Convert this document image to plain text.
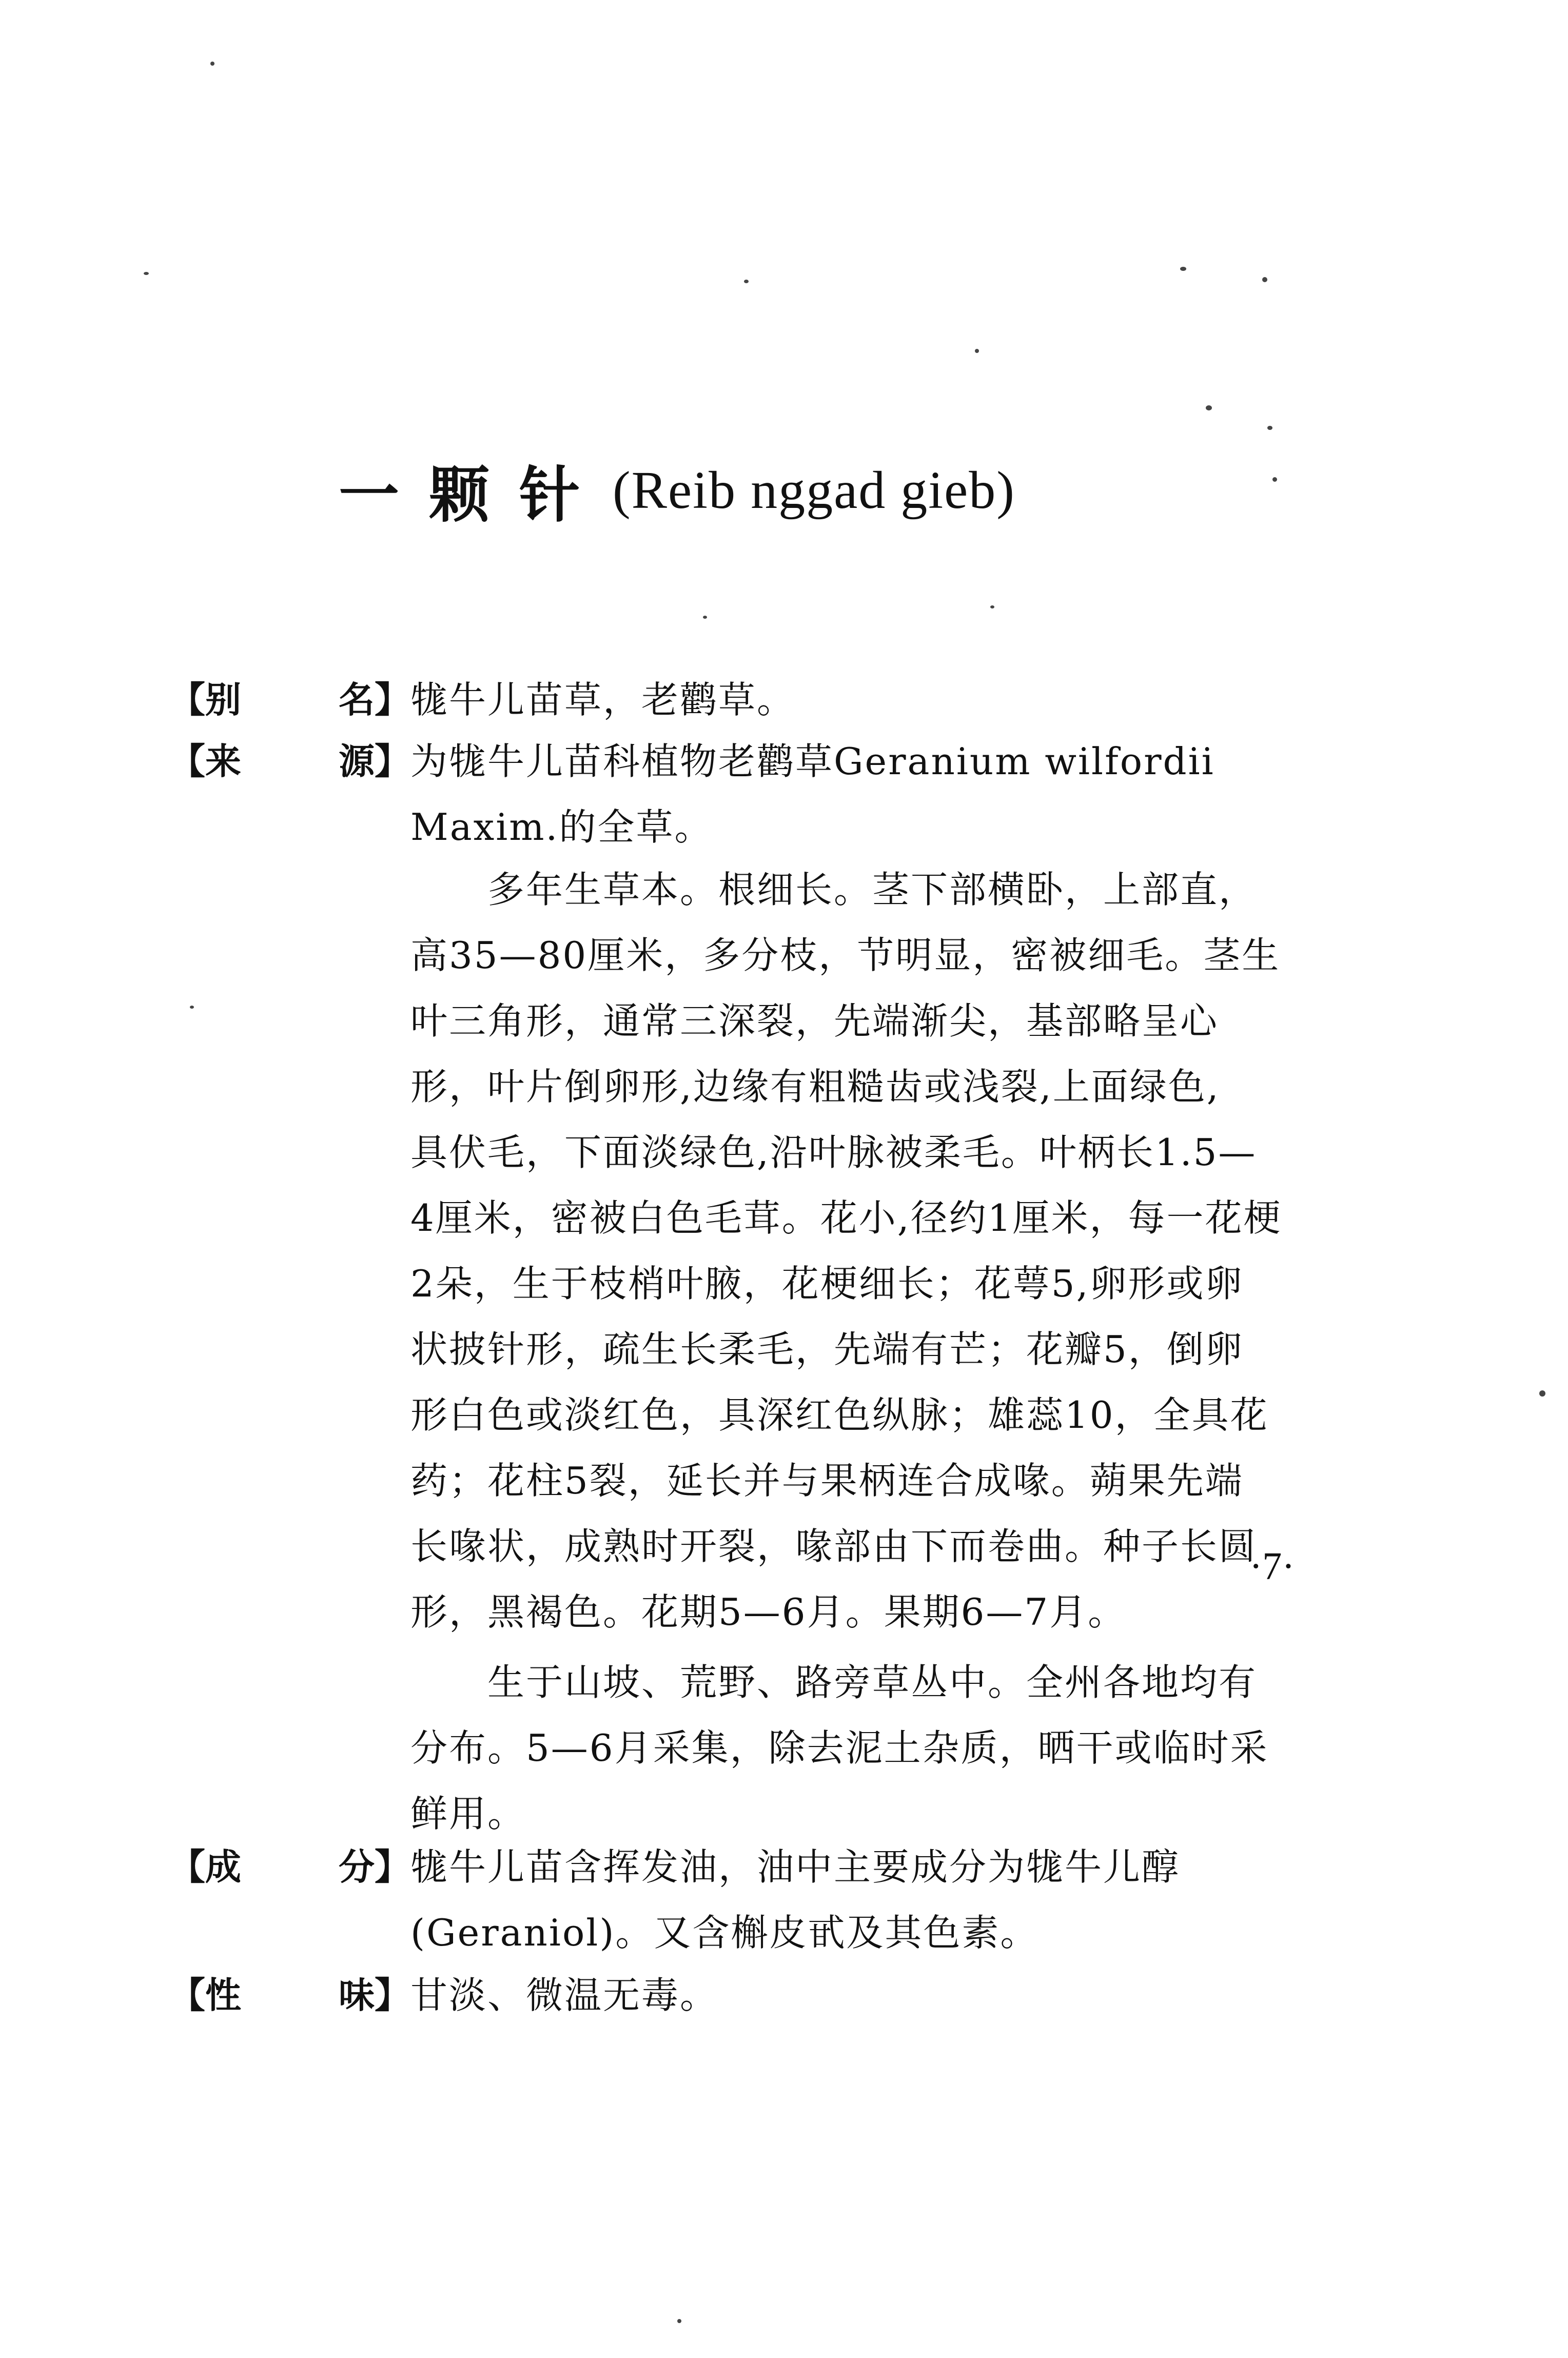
一颗针 (Reib nggad gieb)
【别	名】 牻牛儿苗草，老鹳草。
【来	源】 为牻牛儿苗科植物老鹳草Geranium wilfordii
Maxim.的全草。
多年生草本。根细长。茎下部横卧，上部直，
高35—80厘米，多分枝，节明显，密被细毛。茎生
叶三角形，通常三深裂，先端渐尖，基部略呈心
形，叶片倒卵形,边缘有粗糙齿或浅裂,上面绿色,
具伏毛，下面淡绿色,沿叶脉被柔毛。叶柄长1.5—
4厘米，密被白色毛茸。花小,径约1厘米，每一花梗
2朵，生于枝梢叶腋，花梗细长；花萼5,卵形或卵
状披针形，疏生长柔毛，先端有芒；花瓣5，倒卵
形白色或淡红色，具深红色纵脉；雄蕊10，全具花
药；花柱5裂，延长并与果柄连合成喙。蒴果先端
长喙状，成熟时开裂，喙部由下而卷曲。种子长圆
形，黑褐色。花期5—6月。果期6—7月。
生于山坡、荒野、路旁草丛中。全州各地均有
分布。5—6月采集，除去泥土杂质，晒干或临时采
鲜用。
【成	分】 牻牛儿苗含挥发油，油中主要成分为牻牛儿醇
(Geraniol)。又含槲皮甙及其色素。
【性	味】 甘淡、微温无毒。
·7·
